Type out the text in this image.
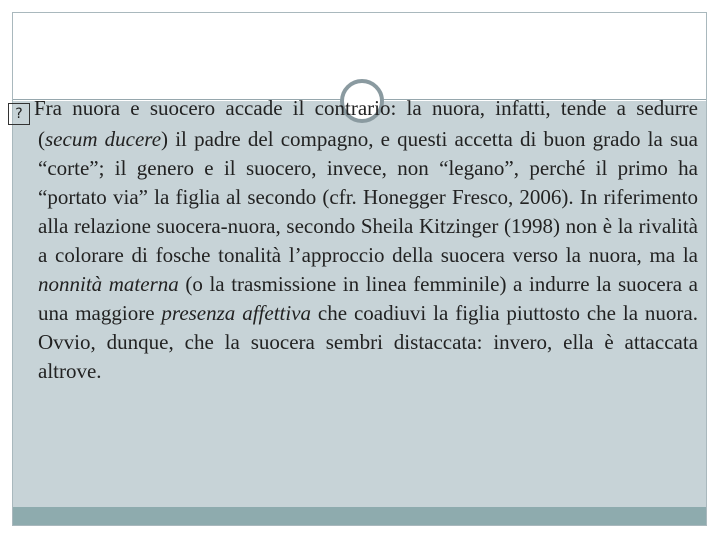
? Fra nuora e suocero accade il contrario: la nuora, infatti, tende a sedurre (secum ducere) il padre del compagno, e questi accetta di buon grado la sua “corte”; il genero e il suocero, invece, non “legano”, perché il primo ha “portato via” la figlia al secondo (cfr. Honegger Fresco, 2006). In riferimento alla relazione suocera-nuora, secondo Sheila Kitzinger (1998) non è la rivalità a colorare di fosche tonalità l’approccio della suocera verso la nuora, ma la nonnità materna (o la trasmissione in linea femminile) a indurre la suocera a una maggiore presenza affettiva che coadiuvi la figlia piuttosto che la nuora. Ovvio, dunque, che la suocera sembri distaccata: invero, ella è attaccata altrove.
